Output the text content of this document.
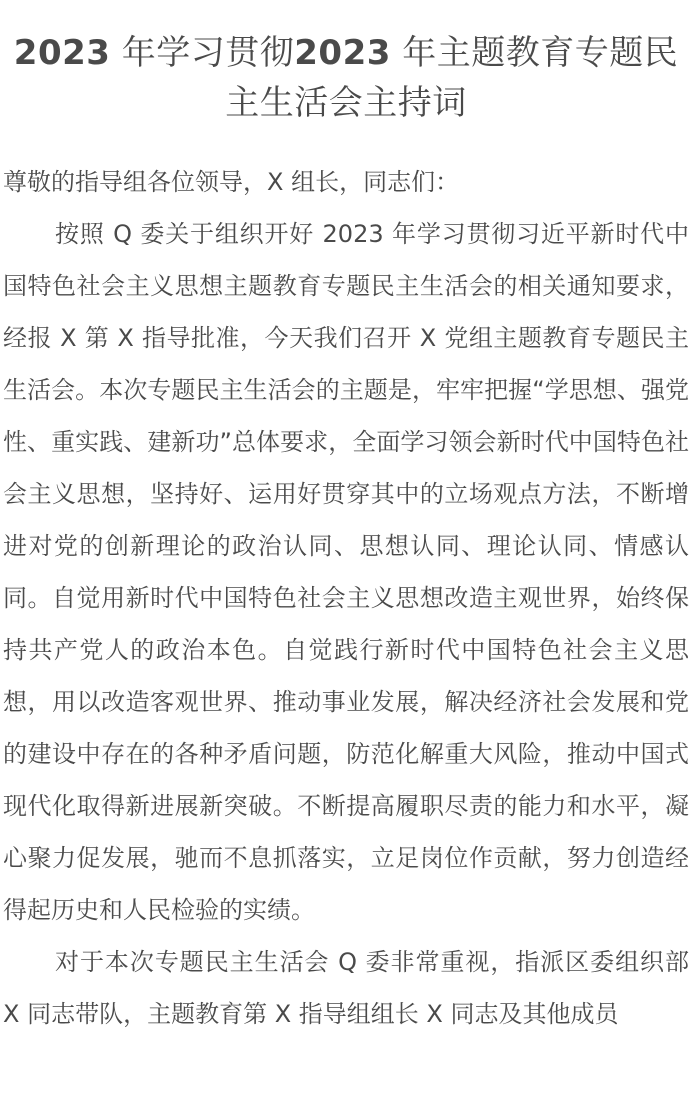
2023 年学习贯彻2023 年主题教育专题民主生活会主持词

尊敬的指导组各位领导，X 组长，同志们：

按照 Q 委关于组织开好 2023 年学习贯彻习近平新时代中国特色社会主义思想主题教育专题民主生活会的相关通知要求，经报 X 第 X 指导批准，今天我们召开 X 党组主题教育专题民主生活会。本次专题民主生活会的主题是，牢牢把握“学思想、强党性、重实践、建新功”总体要求，全面学习领会新时代中国特色社会主义思想，坚持好、运用好贯穿其中的立场观点方法，不断增进对党的创新理论的政治认同、思想认同、理论认同、情感认同。自觉用新时代中国特色社会主义思想改造主观世界，始终保持共产党人的政治本色。自觉践行新时代中国特色社会主义思想，用以改造客观世界、推动事业发展，解决经济社会发展和党的建设中存在的各种矛盾问题，防范化解重大风险，推动中国式现代化取得新进展新突破。不断提高履职尽责的能力和水平，凝心聚力促发展，驰而不息抓落实，立足岗位作贡献，努力创造经得起历史和人民检验的实绩。

对于本次专题民主生活会 Q 委非常重视，指派区委组织部 X 同志带队，主题教育第 X 指导组组长 X 同志及其他成员
